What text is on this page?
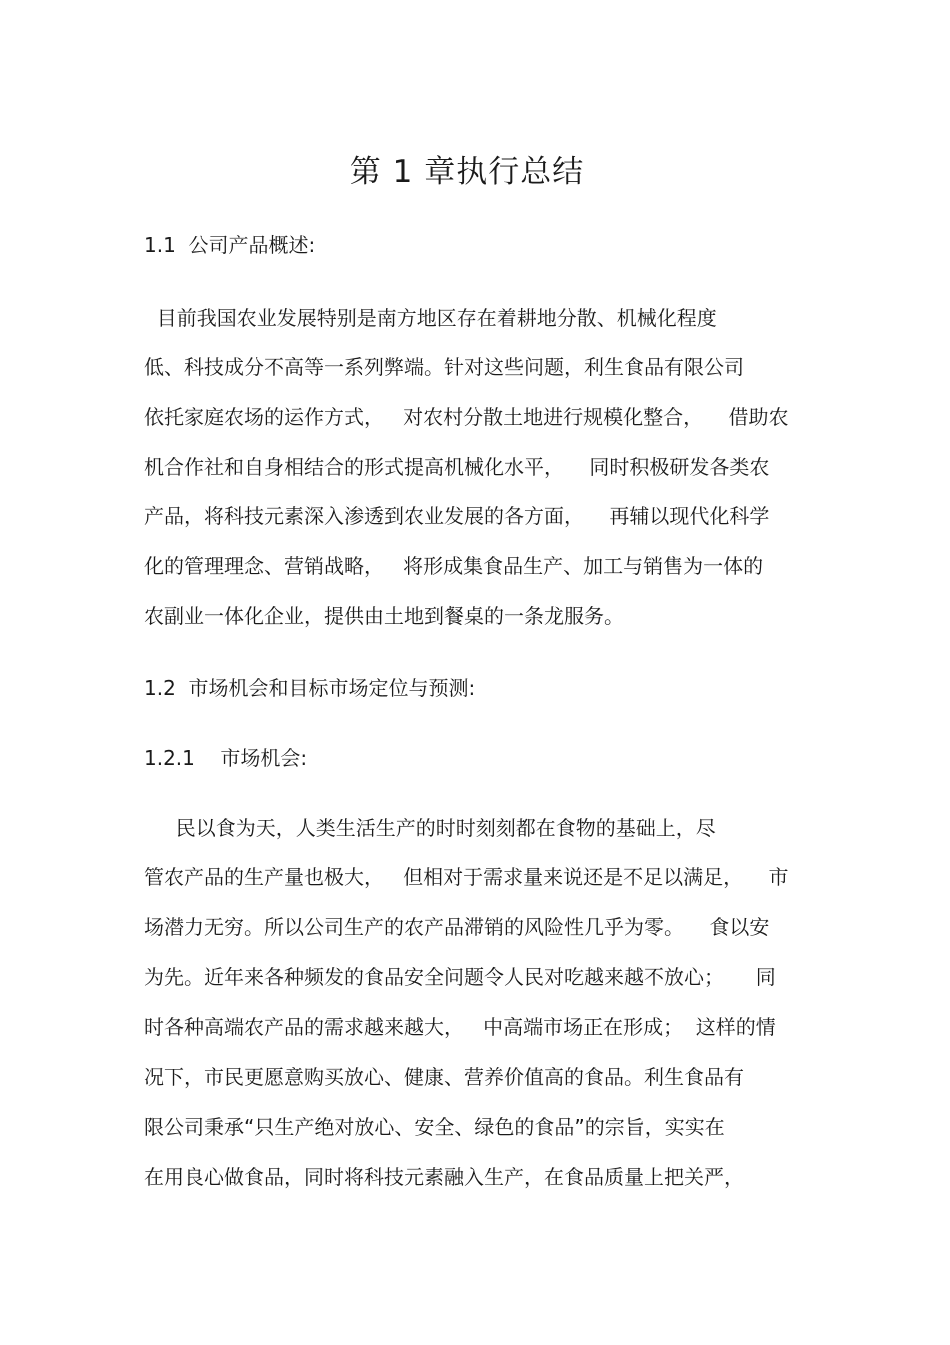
第 1 章执行总结
1.1  公司产品概述:
目前我国农业发展特别是南方地区存在着耕地分散、机械化程度
低、科技成分不高等一系列弊端。针对这些问题，利生食品有限公司
依托家庭农场的运作方式，   对农村分散土地进行规模化整合，    借助农
机合作社和自身相结合的形式提高机械化水平，    同时积极研发各类农
产品，将科技元素深入渗透到农业发展的各方面，    再辅以现代化科学
化的管理理念、营销战略，   将形成集食品生产、加工与销售为一体的
农副业一体化企业，提供由土地到餐桌的一条龙服务。
1.2  市场机会和目标市场定位与预测:
1.2.1    市场机会:
民以食为天，人类生活生产的时时刻刻都在食物的基础上，尽
管农产品的生产量也极大，   但相对于需求量来说还是不足以满足，    市
场潜力无穷。所以公司生产的农产品滞销的风险性几乎为零。    食以安
为先。近年来各种频发的食品安全问题令人民对吃越来越不放心；     同
时各种高端农产品的需求越来越大，   中高端市场正在形成；  这样的情
况下，市民更愿意购买放心、健康、营养价值高的食品。利生食品有
限公司秉承“只生产绝对放心、安全、绿色的食品”的宗旨，实实在
在用良心做食品，同时将科技元素融入生产，在食品质量上把关严，
